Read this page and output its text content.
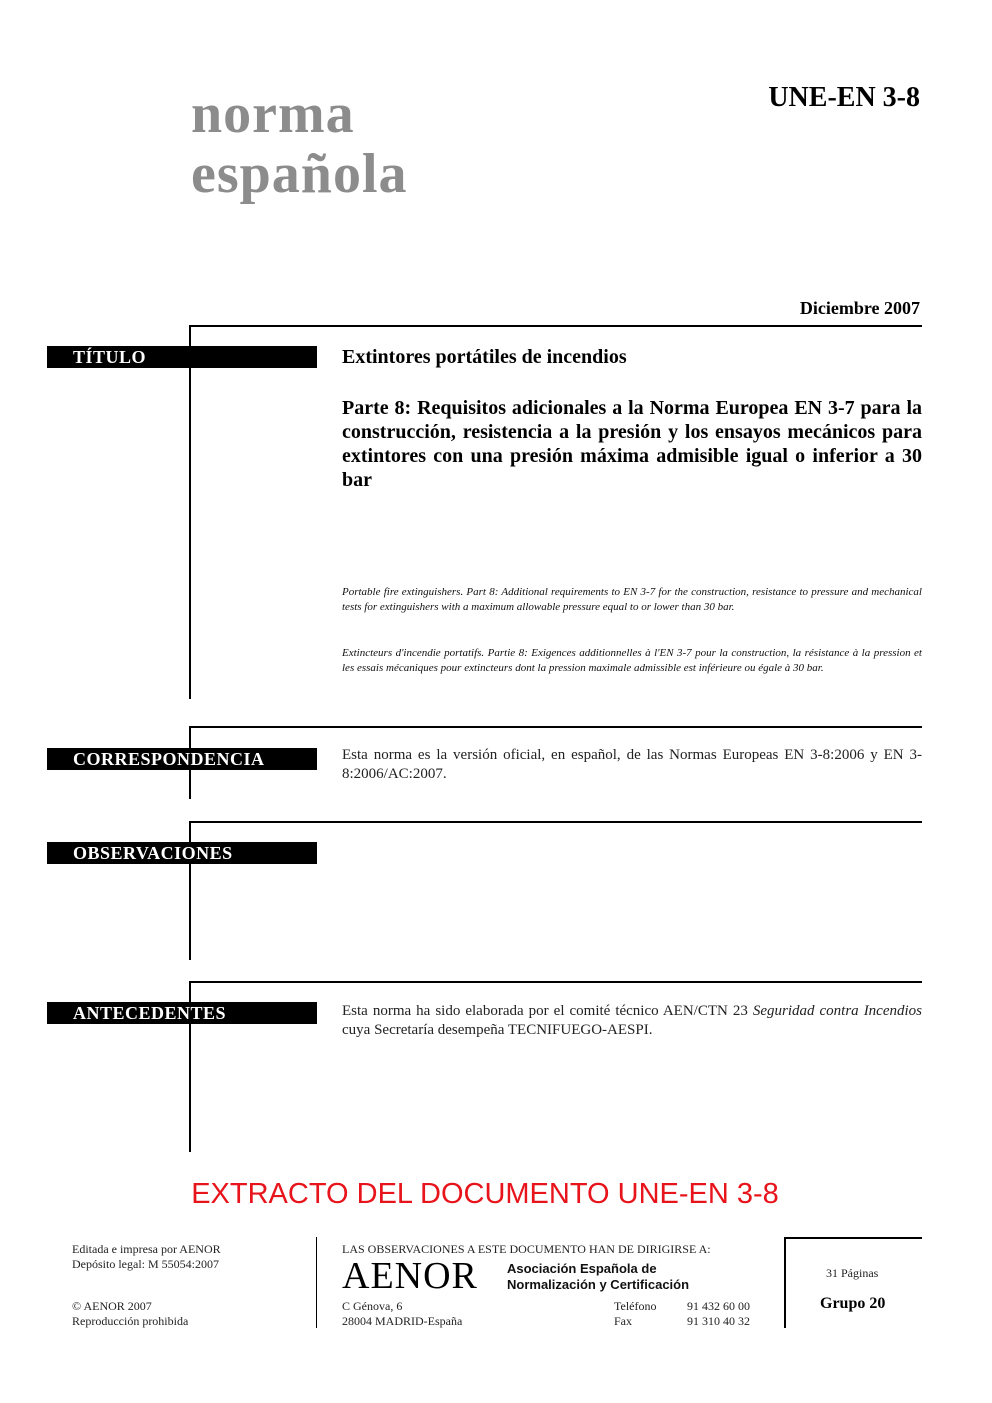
norma
española
UNE-EN 3-8
Diciembre 2007
TÍTULO	Extintores portátiles de incendios
Parte 8: Requisitos adicionales a la Norma Europea EN 3-7 para la construcción, resistencia a la presión y los ensayos mecánicos para extintores con una presión máxima admisible igual o inferior a 30 bar
Portable fire extinguishers. Part 8: Additional requirements to EN 3-7 for the construction, resistance to pressure and mechanical tests for extinguishers with a maximum allowable pressure equal to or lower than 30 bar.
Extincteurs d'incendie portatifs. Partie 8: Exigences additionnelles à l'EN 3-7 pour la construction, la résistance à la pression et les essais mécaniques pour extincteurs dont la pression maximale admissible est inférieure ou égale à 30 bar.
CORRESPONDENCIA	Esta norma es la versión oficial, en español, de las Normas Europeas EN 3-8:2006 y EN 3-8:2006/AC:2007.
OBSERVACIONES
ANTECEDENTES	Esta norma ha sido elaborada por el comité técnico AEN/CTN 23 Seguridad contra Incendios cuya Secretaría desempeña TECNIFUEGO-AESPI.
EXTRACTO DEL DOCUMENTO UNE-EN 3-8
Editada e impresa por AENOR
Depósito legal: M 55054:2007
© AENOR 2007
Reproducción prohibida
LAS OBSERVACIONES A ESTE DOCUMENTO HAN DE DIRIGIRSE A:
AENOR Asociación Española de
Normalización y Certificación
C Génova, 6
28004 MADRID-España
Teléfono	91 432 60 00
Fax	91 310 40 32
31 Páginas
Grupo 20
